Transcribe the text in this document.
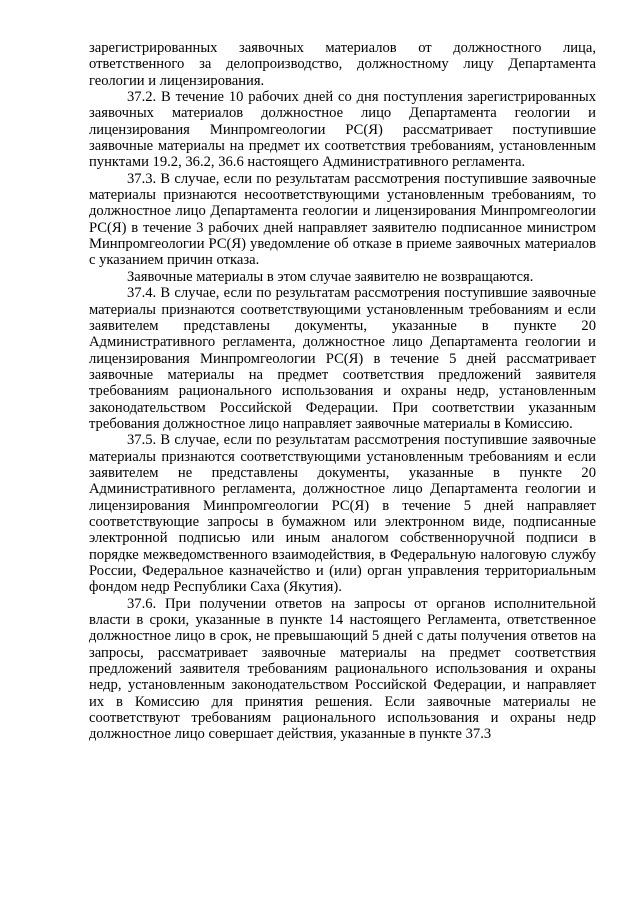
зарегистрированных заявочных материалов от должностного лица, ответственного за делопроизводство, должностному лицу Департамента геологии и лицензирования.

37.2. В течение 10 рабочих дней со дня поступления зарегистрированных заявочных материалов должностное лицо Департамента геологии и лицензирования Минпромгеологии РС(Я) рассматривает поступившие заявочные материалы на предмет их соответствия требованиям, установленным пунктами 19.2, 36.2, 36.6 настоящего Административного регламента.

37.3. В случае, если по результатам рассмотрения поступившие заявочные материалы признаются несоответствующими установленным требованиям, то должностное лицо Департамента геологии и лицензирования Минпромгеологии РС(Я) в течение 3 рабочих дней направляет заявителю подписанное министром Минпромгеологии РС(Я) уведомление об отказе в приеме заявочных материалов с указанием причин отказа.

Заявочные материалы в этом случае заявителю не возвращаются.

37.4. В случае, если по результатам рассмотрения поступившие заявочные материалы признаются соответствующими установленным требованиям и если заявителем представлены документы, указанные в пункте 20 Административного регламента, должностное лицо Департамента геологии и лицензирования Минпромгеологии РС(Я) в течение 5 дней рассматривает заявочные материалы на предмет соответствия предложений заявителя требованиям рационального использования и охраны недр, установленным законодательством Российской Федерации. При соответствии указанным требования должностное лицо направляет заявочные материалы в Комиссию.

37.5. В случае, если по результатам рассмотрения поступившие заявочные материалы признаются соответствующими установленным требованиям и если заявителем не представлены документы, указанные в пункте 20 Административного регламента, должностное лицо Департамента геологии и лицензирования Минпромгеологии РС(Я) в течение 5 дней направляет соответствующие запросы в бумажном или электронном виде, подписанные электронной подписью или иным аналогом собственноручной подписи в порядке межведомственного взаимодействия, в Федеральную налоговую службу России, Федеральное казначейство и (или) орган управления территориальным фондом недр Республики Саха (Якутия).

37.6. При получении ответов на запросы от органов исполнительной власти в сроки, указанные в пункте 14 настоящего Регламента, ответственное должностное лицо в срок, не превышающий 5 дней с даты получения ответов на запросы, рассматривает заявочные материалы на предмет соответствия предложений заявителя требованиям рационального использования и охраны недр, установленным законодательством Российской Федерации, и направляет их в Комиссию для принятия решения. Если заявочные материалы не соответствуют требованиям рационального использования и охраны недр должностное лицо совершает действия, указанные в пункте 37.3
